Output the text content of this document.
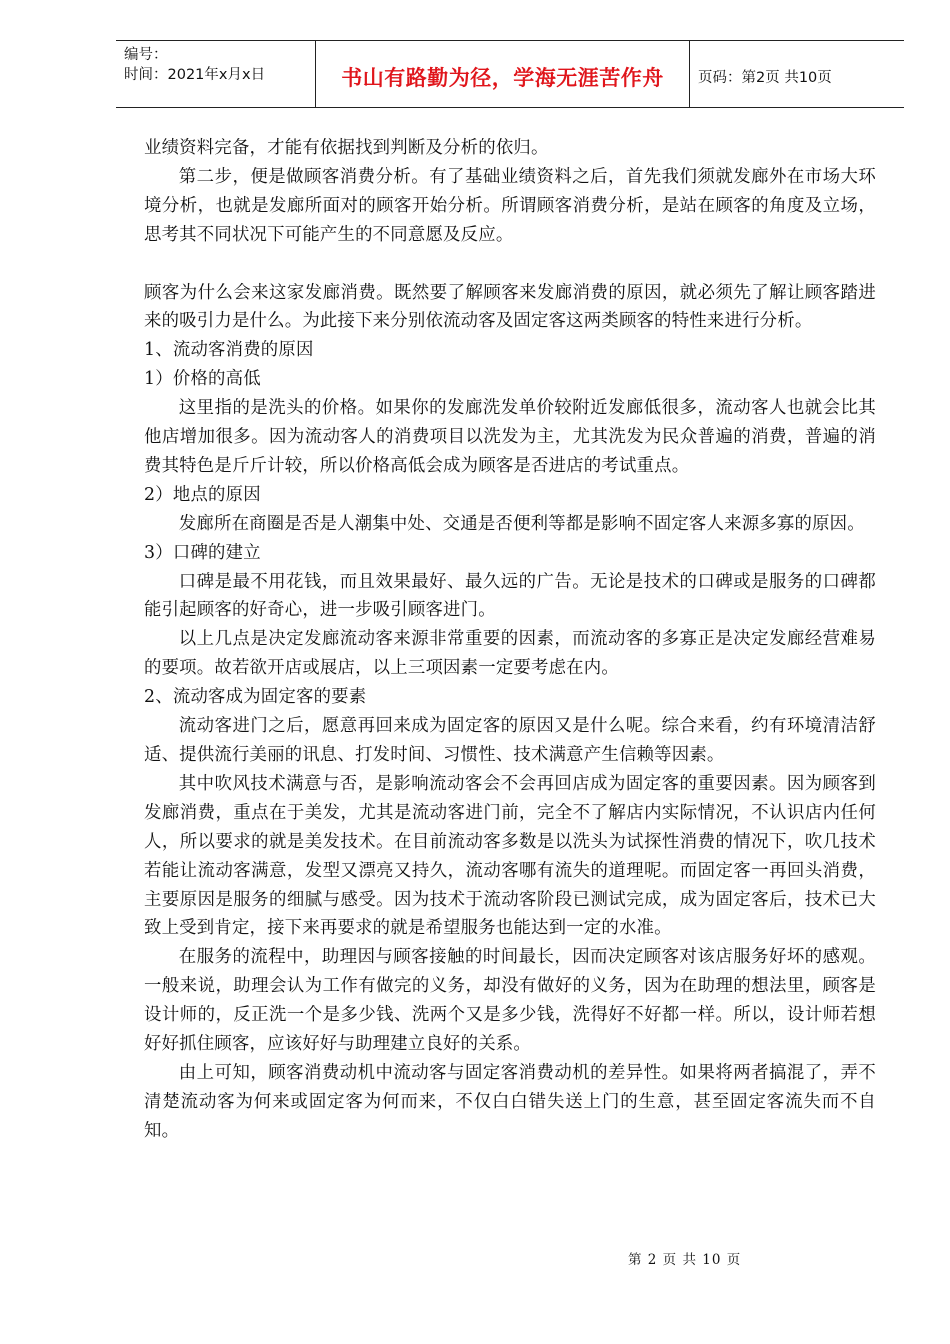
编号：
时间：2021年x月x日	书山有路勤为径，学海无涯苦作舟	页码：第2页 共10页

业绩资料完备，才能有依据找到判断及分析的依归。

第二步，便是做顾客消费分析。有了基础业绩资料之后，首先我们须就发廊外在市场大环境分析，也就是发廊所面对的顾客开始分析。所谓顾客消费分析，是站在顾客的角度及立场，思考其不同状况下可能产生的不同意愿及反应。

顾客为什么会来这家发廊消费。既然要了解顾客来发廊消费的原因，就必须先了解让顾客踏进来的吸引力是什么。为此接下来分别依流动客及固定客这两类顾客的特性来进行分析。

1、流动客消费的原因

1）价格的高低

这里指的是洗头的价格。如果你的发廊洗发单价较附近发廊低很多，流动客人也就会比其他店增加很多。因为流动客人的消费项目以洗发为主，尤其洗发为民众普遍的消费，普遍的消费其特色是斤斤计较，所以价格高低会成为顾客是否进店的考试重点。

2）地点的原因

发廊所在商圈是否是人潮集中处、交通是否便利等都是影响不固定客人来源多寡的原因。

3）口碑的建立

口碑是最不用花钱，而且效果最好、最久远的广告。无论是技术的口碑或是服务的口碑都能引起顾客的好奇心，进一步吸引顾客进门。

以上几点是决定发廊流动客来源非常重要的因素，而流动客的多寡正是决定发廊经营难易的要项。故若欲开店或展店，以上三项因素一定要考虑在内。

2、流动客成为固定客的要素

流动客进门之后，愿意再回来成为固定客的原因又是什么呢。综合来看，约有环境清洁舒适、提供流行美丽的讯息、打发时间、习惯性、技术满意产生信赖等因素。

其中吹风技术满意与否，是影响流动客会不会再回店成为固定客的重要因素。因为顾客到发廊消费，重点在于美发，尤其是流动客进门前，完全不了解店内实际情况，不认识店内任何人，所以要求的就是美发技术。在目前流动客多数是以洗头为试探性消费的情况下，吹几技术若能让流动客满意，发型又漂亮又持久，流动客哪有流失的道理呢。而固定客一再回头消费，主要原因是服务的细腻与感受。因为技术于流动客阶段已测试完成，成为固定客后，技术已大致上受到肯定，接下来再要求的就是希望服务也能达到一定的水准。

在服务的流程中，助理因与顾客接触的时间最长，因而决定顾客对该店服务好坏的感观。一般来说，助理会认为工作有做完的义务，却没有做好的义务，因为在助理的想法里，顾客是设计师的，反正洗一个是多少钱、洗两个又是多少钱，洗得好不好都一样。所以，设计师若想好好抓住顾客，应该好好与助理建立良好的关系。

由上可知，顾客消费动机中流动客与固定客消费动机的差异性。如果将两者搞混了，弄不清楚流动客为何来或固定客为何而来，不仅白白错失送上门的生意，甚至固定客流失而不自知。

第 2 页 共 10 页
